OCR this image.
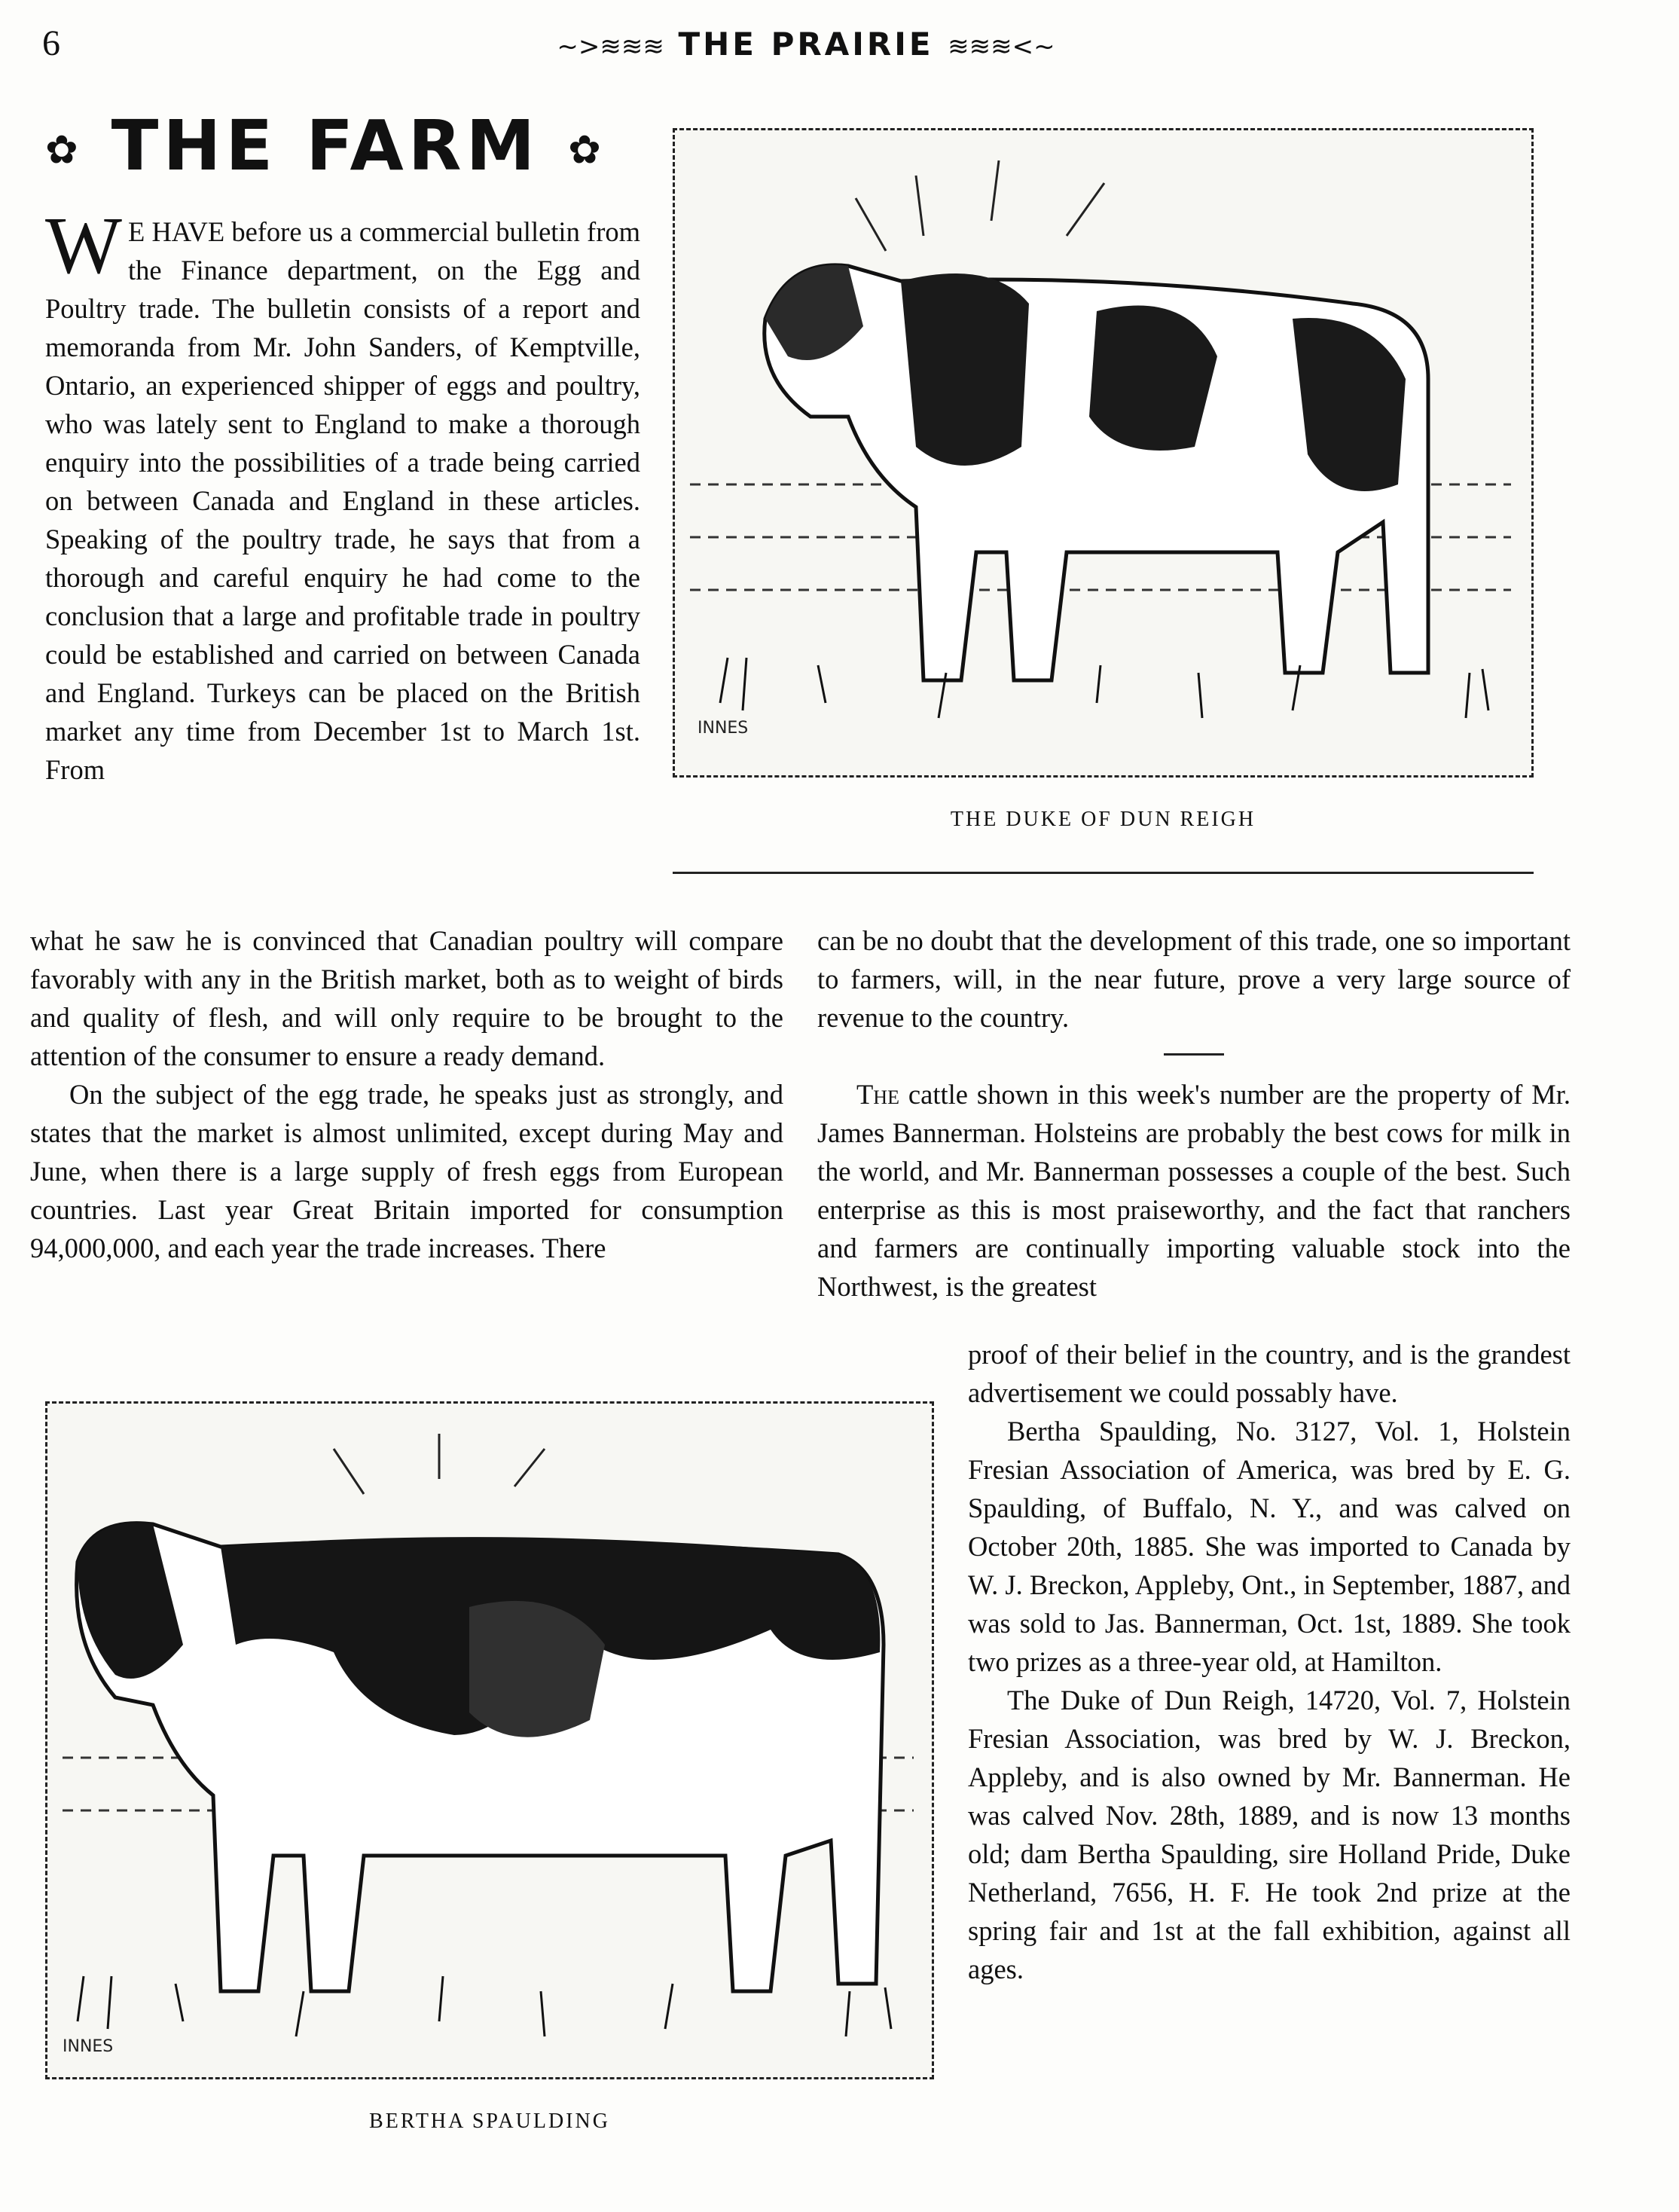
6	~>≋≋≋ THE PRAIRIE ≋≋≋<~
✿ THE FARM ✿

W E HAVE before us a commercial bulletin from the Finance department, on the Egg and Poultry trade. The bulletin consists of a report and memoranda from Mr. John Sanders, of Kemptville, Ontario, an experienced shipper of eggs and poultry, who was lately sent to England to make a thorough enquiry into the possibilities of a trade being carried on between Canada and England in these articles. Speaking of the poultry trade, he says that from a thorough and careful enquiry he had come to the conclusion that a large and profitable trade in poultry could be established and carried on between Canada and England. Turkeys can be placed on the British market any time from December 1st to March 1st. From

INNES
THE DUKE OF DUN REIGH

what he saw he is convinced that Canadian poultry will compare favorably with any in the British market, both as to weight of birds and quality of flesh, and will only require to be brought to the attention of the consumer to ensure a ready demand.

On the subject of the egg trade, he speaks just as strongly, and states that the market is almost unlimited, except during May and June, when there is a large supply of fresh eggs from European countries. Last year Great Britain imported for consumption 94,000,000, and each year the trade increases. There

can be no doubt that the development of this trade, one so important to farmers, will, in the near future, prove a very large source of revenue to the country.

The cattle shown in this week's number are the property of Mr. James Bannerman. Holsteins are probably the best cows for milk in the world, and Mr. Bannerman possesses a couple of the best. Such enterprise as this is most praiseworthy, and the fact that ranchers and farmers are continually importing valuable stock into the Northwest, is the greatest

INNES
BERTHA SPAULDING

proof of their belief in the country, and is the grandest advertisement we could possably have.

Bertha Spaulding, No. 3127, Vol. 1, Holstein Fresian Association of America, was bred by E. G. Spaulding, of Buffalo, N. Y., and was calved on October 20th, 1885. She was imported to Canada by W. J. Breckon, Appleby, Ont., in September, 1887, and was sold to Jas. Bannerman, Oct. 1st, 1889. She took two prizes as a three-year old, at Hamilton.

The Duke of Dun Reigh, 14720, Vol. 7, Holstein Fresian Association, was bred by W. J. Breckon, Appleby, and is also owned by Mr. Bannerman. He was calved Nov. 28th, 1889, and is now 13 months old; dam Bertha Spaulding, sire Holland Pride, Duke Netherland, 7656, H. F. He took 2nd prize at the spring fair and 1st at the fall exhibition, against all ages.
